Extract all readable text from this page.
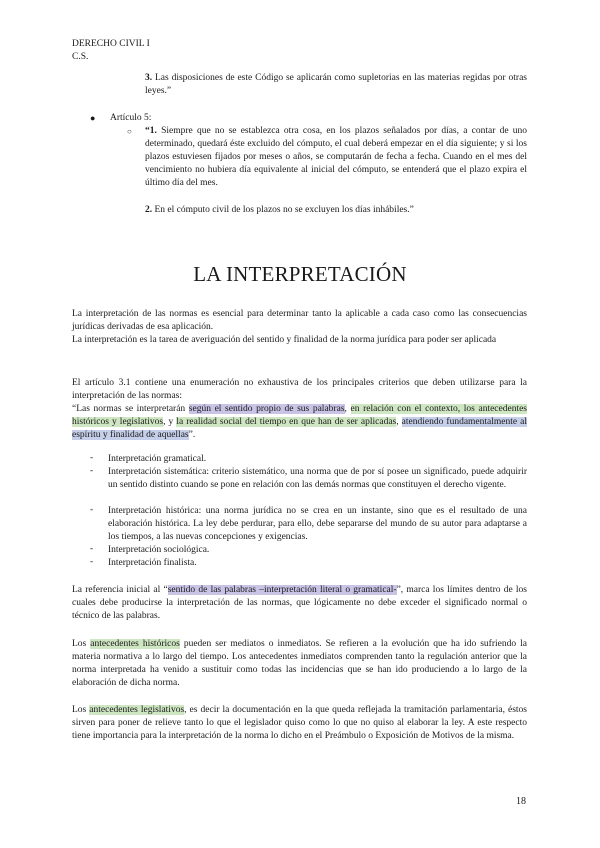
DERECHO CIVIL I
C.S.

3. Las disposiciones de este Código se aplicarán como supletorias en las materias regidas por otras leyes.”

● Artículo 5:

○ “1. Siempre que no se establezca otra cosa, en los plazos señalados por días, a contar de uno determinado, quedará éste excluido del cómputo, el cual deberá empezar en el día siguiente; y si los plazos estuviesen fijados por meses o años, se computarán de fecha a fecha. Cuando en el mes del vencimiento no hubiera día equivalente al inicial del cómputo, se entenderá que el plazo expira el último día del mes.

2. En el cómputo civil de los plazos no se excluyen los días inhábiles.”

LA INTERPRETACIÓN

La interpretación de las normas es esencial para determinar tanto la aplicable a cada caso como las consecuencias jurídicas derivadas de esa aplicación.

La interpretación es la tarea de averiguación del sentido y finalidad de la norma jurídica para poder ser aplicada

El artículo 3.1 contiene una enumeración no exhaustiva de los principales criterios que deben utilizarse para la interpretación de las normas:
“Las normas se interpretarán según el sentido propio de sus palabras, en relación con el contexto, los antecedentes históricos y legislativos, y la realidad social del tiempo en que han de ser aplicadas, atendiendo fundamentalmente al espíritu y finalidad de aquellas”.

- Interpretación gramatical.

- Interpretación sistemática: criterio sistemático, una norma que de por sí posee un significado, puede adquirir un sentido distinto cuando se pone en relación con las demás normas que constituyen el derecho vigente.

- Interpretación histórica: una norma jurídica no se crea en un instante, sino que es el resultado de una elaboración histórica. La ley debe perdurar, para ello, debe separarse del mundo de su autor para adaptarse a los tiempos, a las nuevas concepciones y exigencias.

- Interpretación sociológica.

- Interpretación finalista.

La referencia inicial al “sentido de las palabras –interpretación literal o gramatical-”, marca los límites dentro de los cuales debe producirse la interpretación de las normas, que lógicamente no debe exceder el significado normal o técnico de las palabras.

Los antecedentes históricos pueden ser mediatos o inmediatos. Se refieren a la evolución que ha ido sufriendo la materia normativa a lo largo del tiempo. Los antecedentes inmediatos comprenden tanto la regulación anterior que la norma interpretada ha venido a sustituir como todas las incidencias que se han ido produciendo a lo largo de la elaboración de dicha norma.

Los antecedentes legislativos, es decir la documentación en la que queda reflejada la tramitación parlamentaria, éstos sirven para poner de relieve tanto lo que el legislador quiso como lo que no quiso al elaborar la ley. A este respecto tiene importancia para la interpretación de la norma lo dicho en el Preámbulo o Exposición de Motivos de la misma.

18
